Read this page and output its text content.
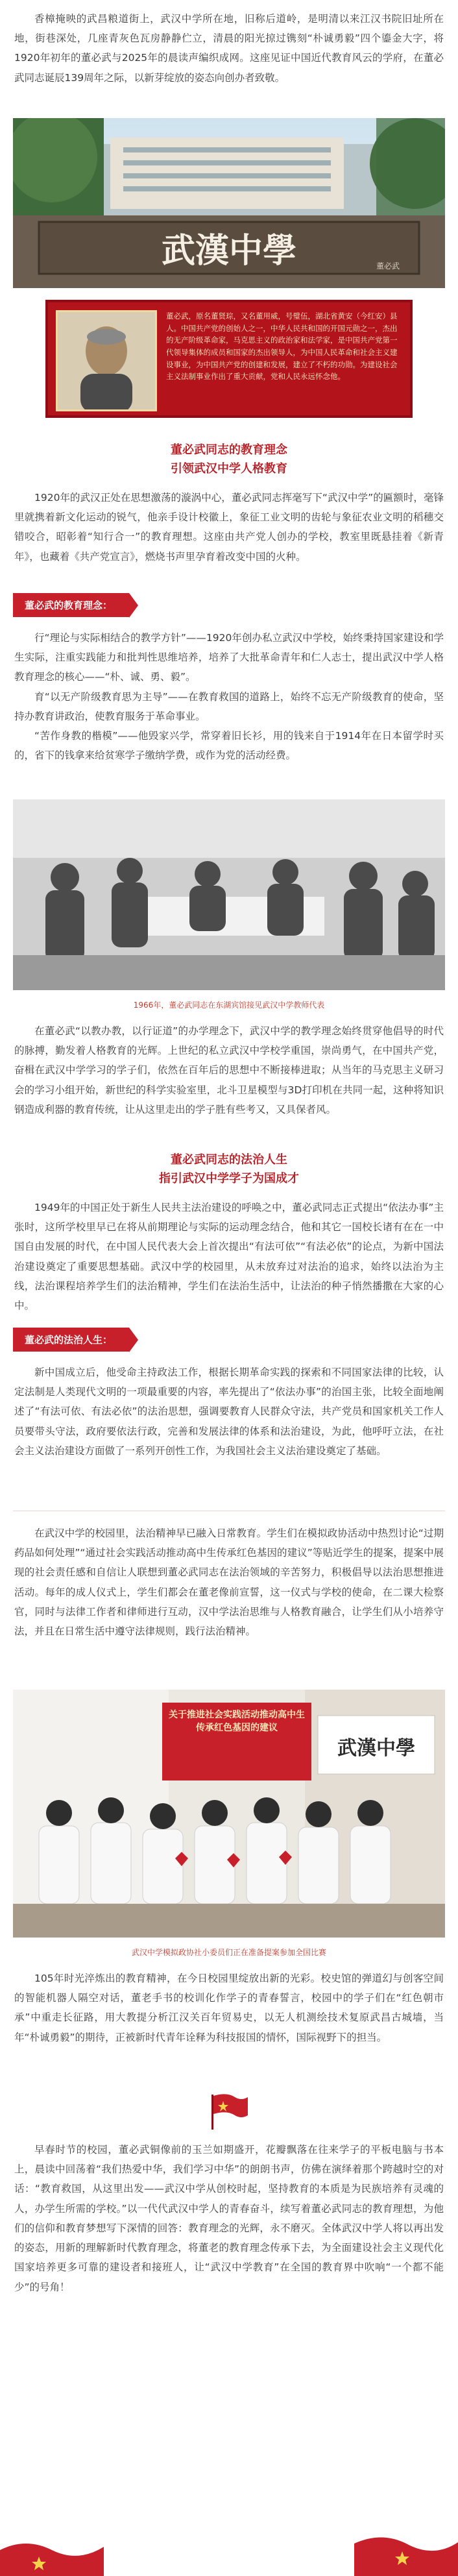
香樟掩映的武昌粮道街上，武汉中学所在地，旧称后道岭，是明清以来江汉书院旧址所在地，街巷深处，几座青灰色瓦房静静伫立，清晨的阳光掠过镌刻“朴诚勇毅”四个鎏金大字，将1920年初年的董必武与2025年的晨读声编织成网。这座见证中国近代教育风云的学府，在董必武同志诞辰139周年之际，以新芽绽放的姿态向创办者致敬。

武漢中學	董必武
董必武，原名董贤琮，又名董用威，号璧伍，湖北省黄安（今红安）县人。中国共产党的创始人之一，中华人民共和国的开国元勋之一，杰出的无产阶级革命家，马克思主义的政治家和法学家，是中国共产党第一代领导集体的成员和国家的杰出领导人，为中国人民革命和社会主义建设事业，为中国共产党的创建和发展，建立了不朽的功勋。为建设社会主义法制事业作出了重大贡献，党和人民永远怀念他。

董必武同志的教育理念

引领武汉中学人格教育

1920年的武汉正处在思想激荡的漩涡中心，董必武同志挥毫写下“武汉中学”的匾额时，毫锋里就携着新文化运动的锐气，他亲手设计校徽上，象征工业文明的齿轮与象征农业文明的稻穗交错咬合，昭彰着“知行合一”的教育理想。这座由共产党人创办的学校，教室里既悬挂着《新青年》，也藏着《共产党宣言》，燃烧书声里孕育着改变中国的火种。

董必武的教育理念：

行“理论与实际相结合的教学方针”——1920年创办私立武汉中学校，始终秉持国家建设和学生实际，注重实践能力和批判性思维培养，培养了大批革命青年和仁人志士，提出武汉中学人格教育理念的核心——“朴、诚、勇、毅”。

育“以无产阶级教育思为主导”——在教育救国的道路上，始终不忘无产阶级教育的使命，坚持办教育讲政治，使教育服务于革命事业。

“苦作身教的楷模”——他毁家兴学，常穿着旧长衫，用的钱来自于1914年在日本留学时买的，省下的钱拿来给贫寒学子缴纳学费，或作为党的活动经费。

1966年，董必武同志在东湖宾馆接见武汉中学教师代表

在董必武“以教办教，以行证道”的办学理念下，武汉中学的教学理念始终贯穿他倡导的时代的脉搏，勤发着人格教育的光辉。上世纪的私立武汉中学校学重国，崇尚勇气，在中国共产党，奋楫在武汉中学学习的学子们，依然在百年后的思想中不断接棒进取；从当年的马克思主义研习会的学习小组开始，新世纪的科学实验室里，北斗卫星模型与3D打印机在共同一起，这种将知识钢造成利器的教育传统，让从这里走出的学子胜有些考又，又具保者风。

董必武同志的法治人生

指引武汉中学学子为国成才

1949年的中国正处于新生人民共主法治建设的呼唤之中，董必武同志正式提出“依法办事”主张时，这所学校里早已在将从前期理论与实际的运动理念结合，他和其它一国校长诸有在在一中国自由发展的时代，在中国人民代表大会上首次提出“有法可依”“有法必依”的论点，为新中国法治建设奠定了重要思想基础。武汉中学的校园里，从未放弃过对法治的追求，始终以法治为主线，法治课程培养学生们的法治精神，学生们在法治生活中，让法治的种子悄然播撒在大家的心中。

董必武的法治人生：

新中国成立后，他受命主持政法工作，根据长期革命实践的探索和不同国家法律的比较，认定法制是人类现代文明的一项最重要的内容，率先提出了“依法办事”的治国主张，比较全面地阐述了“有法可依、有法必依”的法治思想，强调要教育人民群众守法，共产党员和国家机关工作人员要带头守法，政府要依法行政，完善和发展法律的体系和法治建设，为此，他呼吁立法，在社会主义法治建设方面做了一系列开创性工作，为我国社会主义法治建设奠定了基础。

在武汉中学的校园里，法治精神早已融入日常教育。学生们在模拟政协活动中热烈讨论“过期药品如何处理”“通过社会实践活动推动高中生传承红色基因的建议”等贴近学生的提案，提案中展现的社会责任感和自信让人联想到董必武同志在法治领域的辛苦努力，积极倡导以法治思想推进活动。每年的成人仪式上，学生们都会在董老像前宣誓，这一仪式与学校的使命，在二课大检察官，同时与法律工作者和律师进行互动，汉中学法治思维与人格教育融合，让学生们从小培养守法，并且在日常生活中遵守法律规则，践行法治精神。

武漢中學
关于推进社会实践活动推动高中生传承红色基因的建议

武汉中学模拟政协社小委员们正在准备提案参加全国比赛

105年时光淬炼出的教育精神，在今日校园里绽放出新的光彩。校史馆的弹道幻与创客空间的智能机器人隔空对话，董老手书的校训化作学子的青春誓言，校园中的学子们在“红色朝市承”中重走长征路，用大教提分析江汉关百年贸易史，以无人机测绘技术复原武昌古城墙，当年“朴诚勇毅”的期待，正被新时代青年诠释为科技报国的情怀，国际视野下的担当。

早春时节的校园，董必武铜像前的玉兰如期盛开，花瓣飘落在往来学子的平板电脑与书本上，晨读中回荡着“我们热爱中华，我们学习中华”的朗朗书声，仿佛在演绎着那个跨越时空的对话：“教育救国，从这里出发——武汉中学从创校时起，坚持教育的本质是为民族培养有灵魂的人，办学生所需的学校。”以一代代武汉中学人的青春奋斗，续写着董必武同志的教育理想，为他们的信仰和教育梦想写下深情的回答：教育理念的光辉，永不磨灭。全体武汉中学人将以再出发的姿态，用新的理解新时代教育理念，将董老的教育理念传承下去，为全面建设社会主义现代化国家培养更多可靠的建设者和接班人，让“武汉中学教育”在全国的教育界中吹响“一个都不能少”的号角！
